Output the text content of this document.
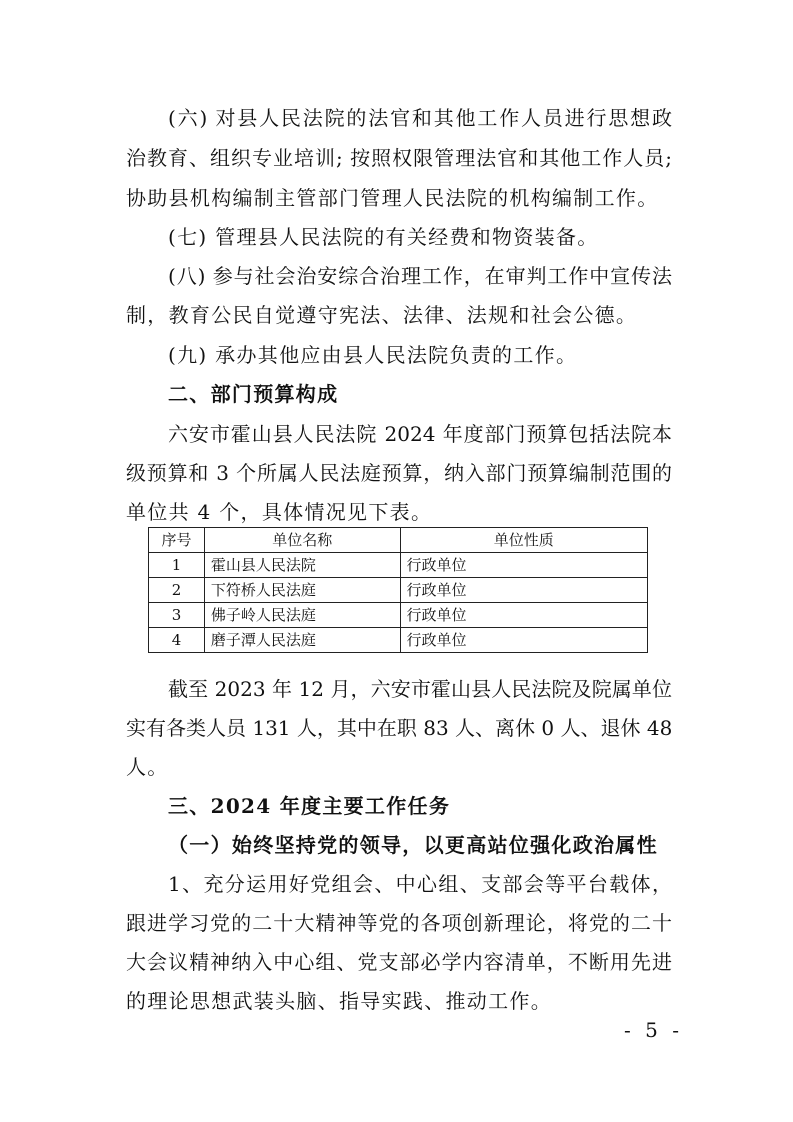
(六) 对县人民法院的法官和其他工作人员进行思想政
治教育、组织专业培训; 按照权限管理法官和其他工作人员;
协助县机构编制主管部门管理人民法院的机构编制工作。
(七) 管理县人民法院的有关经费和物资装备。
(八) 参与社会治安综合治理工作，在审判工作中宣传法
制，教育公民自觉遵守宪法、法律、法规和社会公德。
(九) 承办其他应由县人民法院负责的工作。
二、部门预算构成
六安市霍山县人民法院 2024 年度部门预算包括法院本
级预算和 3 个所属人民法庭预算，纳入部门预算编制范围的
单位共 4 个，具体情况见下表。
序号	单位名称	单位性质
1	霍山县人民法院	行政单位
2	下符桥人民法庭	行政单位
3	佛子岭人民法庭	行政单位
4	磨子潭人民法庭	行政单位
截至 2023 年 12 月，六安市霍山县人民法院及院属单位
实有各类人员 131 人，其中在职 83 人、离休 0 人、退休 48
人。
三、2024 年度主要工作任务
（一）始终坚持党的领导，以更高站位强化政治属性
1、充分运用好党组会、中心组、支部会等平台载体，
跟进学习党的二十大精神等党的各项创新理论，将党的二十
大会议精神纳入中心组、党支部必学内容清单，不断用先进
的理论思想武装头脑、指导实践、推动工作。
- 5 -
